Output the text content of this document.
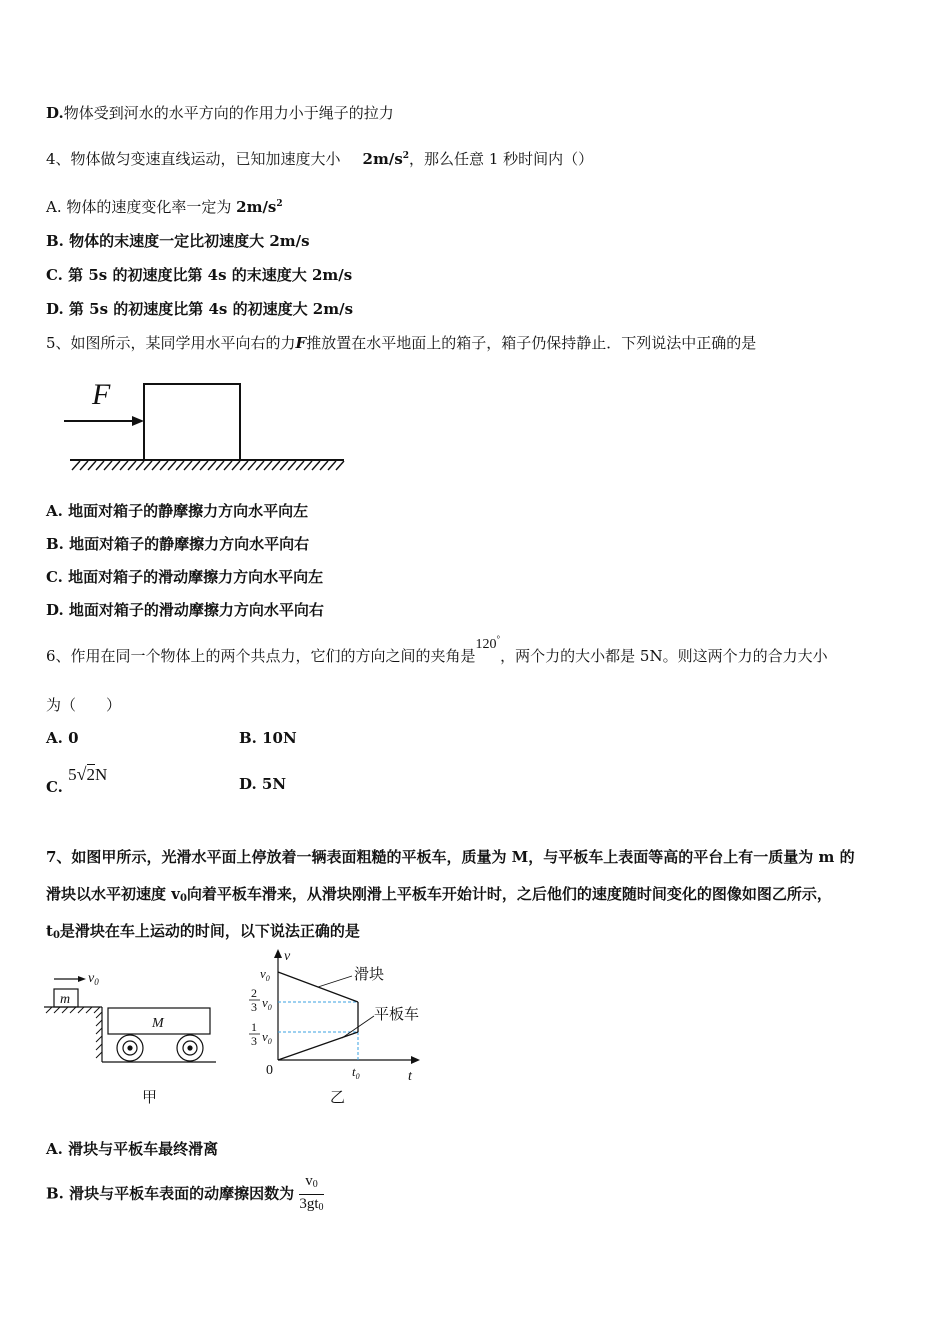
D.物体受到河水的水平方向的作用力小于绳子的拉力
4、物体做匀变速直线运动，已知加速度大小 $2m/s^2$，那么任意 1 秒时间内（）
A. 物体的速度变化率一定为 $2m/s^2$
B. 物体的末速度一定比初速度大 2m/s
C. 第 5s 的初速度比第 4s 的末速度大 2m/s
D. 第 5s 的初速度比第 4s 的初速度大 2m/s
5、如图所示，某同学用水平向右的力F推放置在水平地面上的箱子，箱子仍保持静止．下列说法中正确的是
F
A. 地面对箱子的静摩擦力方向水平向左
B. 地面对箱子的静摩擦力方向水平向右
C. 地面对箱子的滑动摩擦力方向水平向左
D. 地面对箱子的滑动摩擦力方向水平向右
6、作用在同一个物体上的两个共点力，它们的方向之间的夹角是120°，两个力的大小都是 5N。则这两个力的合力大小
为（　　）
A. 0	B. 10N
C. 5√2N	D. 5N
7、如图甲所示，光滑水平面上停放着一辆表面粗糙的平板车，质量为 M，与平板车上表面等高的平台上有一质量为 m 的
滑块以水平初速度 $v_0$向着平板车滑来，从滑块刚滑上平板车开始计时，之后他们的速度随时间变化的图像如图乙所示，
$t_0$是滑块在车上运动的时间，以下说法正确的是
$v_0$
m
M
甲
v
t
0
$v_0$
2
3 $v_0$
1
3 $v_0$
滑块
平板车
$t_0$
乙
A. 滑块与平板车最终滑离
B. 滑块与平板车表面的动摩擦因数为 $\frac{v_0}{3gt_0}$
